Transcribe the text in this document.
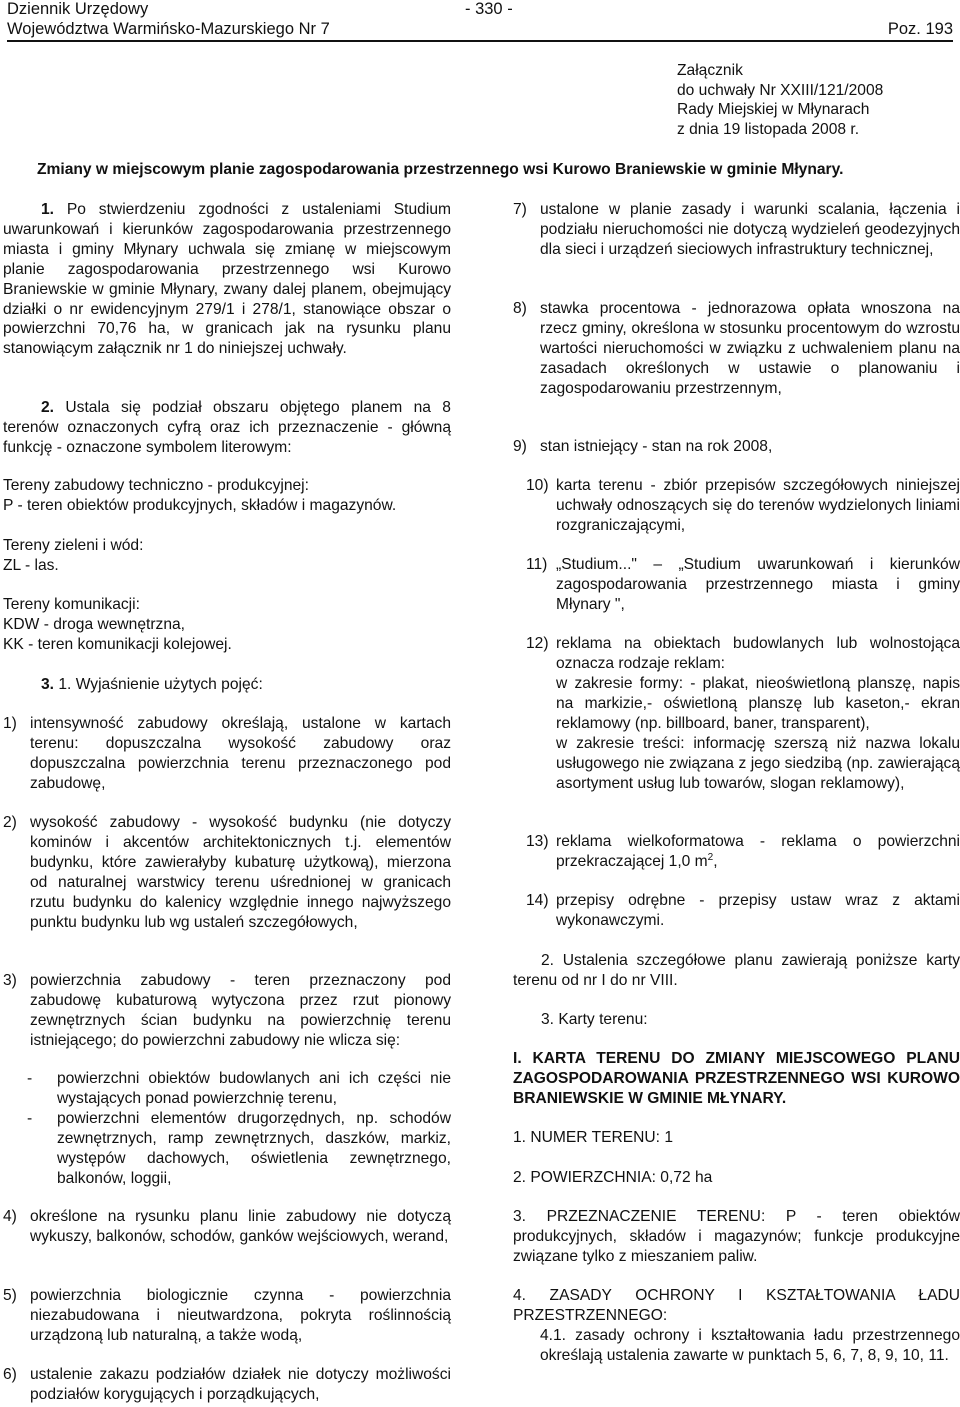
Dziennik Urzędowy
Województwa Warmińsko-Mazurskiego Nr 7
- 330 -
Poz. 193
Załącznik
do uchwały Nr XXIII/121/2008
Rady Miejskiej w Młynarach
z dnia 19 listopada 2008 r.
Zmiany w miejscowym planie zagospodarowania przestrzennego wsi Kurowo Braniewskie w gminie Młynary.
1. Po stwierdzeniu zgodności z ustaleniami Studium uwarunkowań i kierunków zagospodarowania przestrzennego miasta i gminy Młynary uchwala się zmianę w miejscowym planie zagospodarowania przestrzennego wsi Kurowo Braniewskie w gminie Młynary, zwany dalej planem, obejmujący działki o nr ewidencyjnym 279/1 i 278/1, stanowiące obszar o powierzchni 70,76 ha, w granicach jak na rysunku planu stanowiącym załącznik nr 1 do niniejszej uchwały.
2. Ustala się podział obszaru objętego planem na 8 terenów oznaczonych cyfrą oraz ich przeznaczenie - główną funkcję - oznaczone symbolem literowym:
Tereny zabudowy techniczno - produkcyjnej:
P - teren obiektów produkcyjnych, składów i magazynów.
Tereny zieleni i wód:
ZL - las.
Tereny komunikacji:
KDW - droga wewnętrzna,
KK - teren komunikacji kolejowej.
3. 1. Wyjaśnienie użytych pojęć:
1) intensywność zabudowy określają, ustalone w kartach terenu: dopuszczalna wysokość zabudowy oraz dopuszczalna powierzchnia terenu przeznaczonego pod zabudowę,
2) wysokość zabudowy - wysokość budynku (nie dotyczy kominów i akcentów architektonicznych t.j. elementów budynku, które zawierałyby kubaturę użytkową), mierzona od naturalnej warstwicy terenu uśrednionej w granicach rzutu budynku do kalenicy względnie innego najwyższego punktu budynku lub wg ustaleń szczegółowych,
3) powierzchnia zabudowy - teren przeznaczony pod zabudowę kubaturową wytyczona przez rzut pionowy zewnętrznych ścian budynku na powierzchnię terenu istniejącego; do powierzchni zabudowy nie wlicza się:
- powierzchni obiektów budowlanych ani ich części nie wystających ponad powierzchnię terenu,
- powierzchni elementów drugorzędnych, np. schodów zewnętrznych, ramp zewnętrznych, daszków, markiz, występów dachowych, oświetlenia zewnętrznego, balkonów, loggii,
4) określone na rysunku planu linie zabudowy nie dotyczą wykuszy, balkonów, schodów, ganków wejściowych, werand,
5) powierzchnia biologicznie czynna - powierzchnia niezabudowana i nieutwardzona, pokryta roślinnością urządzoną lub naturalną, a także wodą,
6) ustalenie zakazu podziałów działek nie dotyczy możliwości podziałów korygujących i porządkujących,
7) ustalone w planie zasady i warunki scalania, łączenia i podziału nieruchomości nie dotyczą wydzieleń geodezyjnych dla sieci i urządzeń sieciowych infrastruktury technicznej,
8) stawka procentowa - jednorazowa opłata wnoszona na rzecz gminy, określona w stosunku procentowym do wzrostu wartości nieruchomości w związku z uchwaleniem planu na zasadach określonych w ustawie o planowaniu i zagospodarowaniu przestrzennym,
9) stan istniejący - stan na rok 2008,
10) karta terenu - zbiór przepisów szczegółowych niniejszej uchwały odnoszących się do terenów wydzielonych liniami rozgraniczającymi,
11) „Studium..." – „Studium uwarunkowań i kierunków zagospodarowania przestrzennego miasta i gminy Młynary ",
12) reklama na obiektach budowlanych lub wolnostojąca oznacza rodzaje reklam:
w zakresie formy: - plakat, nieoświetloną planszę, napis na markizie,- oświetloną planszę lub kaseton,- ekran reklamowy (np. billboard, baner, transparent),
w zakresie treści: informację szerszą niż nazwa lokalu usługowego nie związana z jego siedzibą (np. zawierającą asortyment usług lub towarów, slogan reklamowy),
13) reklama wielkoformatowa - reklama o powierzchni przekraczającej 1,0 $m^2$,
14) przepisy odrębne - przepisy ustaw wraz z aktami wykonawczymi.
2. Ustalenia szczegółowe planu zawierają poniższe karty terenu od nr I do nr VIII.
3. Karty terenu:
I. KARTA TERENU DO ZMIANY MIEJSCOWEGO PLANU ZAGOSPODAROWANIA PRZESTRZENNEGO WSI KUROWO BRANIEWSKIE W GMINIE MŁYNARY.
1. NUMER TERENU: 1
2. POWIERZCHNIA: 0,72 ha
3. PRZEZNACZENIE TERENU: P - teren obiektów produkcyjnych, składów i magazynów; funkcje produkcyjne związane tylko z mieszaniem paliw.
4. ZASADY OCHRONY I KSZTAŁTOWANIA ŁADU PRZESTRZENNEGO:
4.1. zasady ochrony i kształtowania ładu przestrzennego określają ustalenia zawarte w punktach 5, 6, 7, 8, 9, 10, 11.
